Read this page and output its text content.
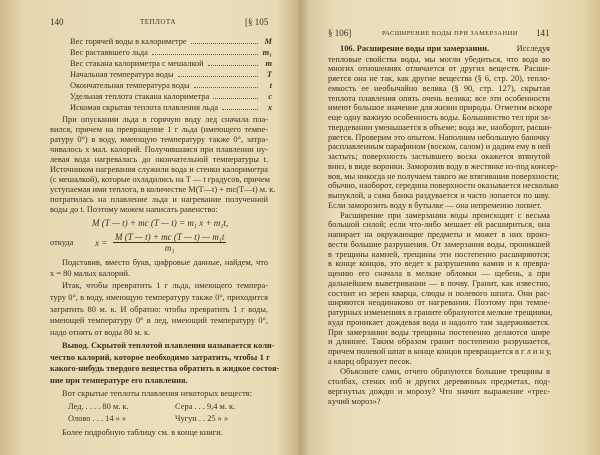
140	ТЕПЛОТА	[§ 105
M (T — t) + mc (T — t) = m₁ x + m₁t,
откуда $x = \frac{\text{M (T — t) + mc (T — t) — m₁t}}{\text{m₁}}$
Лед. . . . . 80 м. к.	Сера . . . 9,4 м. к.
Олово . . . 14 » »	Чугун . . 25 » »
Вес горячей воды в калориметре	M
Вес растаявшего льда	m₁
Вес стакана калориметра с мешалкой	m
Начальная температура воды	T
Окончательная температура воды	t
Удельная теплота стакана калориметра	c
Искомая скрытая теплота плавления льда	x
При опускании льда в горячую воду лед сначала пла-
вился, причем на превращение 1 г льда (имеющего темпе-
ратуру 0°) в воду, имеющую температуру также 0°, затра-
чивалось x мал. калорий. Получившаяся при плавлении ну-
левая вода нагревалась до окончательной температуры t.
Источником нагревания служили вода и стенки калориметра
(с мешалкой), которые охладились на T — t градусов, причем
уступаемая ими теплота, в количестве M(T—t) + mc(T—t) м. к.
потратилась на плавление льда и нагревание полученной
воды до t. Поэтому можем написать равенство:
Подставив, вместо букв, цифровые данные, найдем, что
x = 80 малых калорий.
Итак, чтобы превратить 1 г льда, имеющего темпера-
туру 0°, в воду, имеющую температуру также 0°, приходится
затратить 80 м. к. И обратно: чтобы превратить 1 г воды,
имеющей температуру 0° в лед, имеющий температуру 0°,
надо отнять от воды 80 м. к.
Вывод. Скрытой теплотой плавления называется коли-
чество калорий, которое необходимо затратить, чтобы 1 г
какого-нибудь твердого вещества обратить в жидкое состоя-
ние при температуре его плавления.
Вот скрытые теплоты плавления некоторых веществ:
Более подробную таблицу см. в конце книги.
§ 106]	РАСШИРЕНИЕ ВОДЫ ПРИ ЗАМЕРЗАНИИ 141
106. Расширение воды при замерзании.	Исследуя
тепловые свойства воды, мы могли убедиться, что вода во
многих отношениях отличается от других веществ. Расши-
ряется она не так, как другие вещества (§ 6, стр. 20), тепло-
емкость ее необычайно велика (§ 90, стр. 127), скрытая
теплота плавления опять очень велика; все эти особенности
имеют большое значение для жизни природы. Отметим вскоре
еще одну важную особенность воды. Большинство тел при за-
твердевании уменьшается в объеме; вода же, наоборот, расши-
ряется. Проверим это опытом. Наполним небольшую баночку
расплавленным парафином (воском, салом) и дадим ему в ней
застыть; поверхность застывшего воска окажется втянутой
вниз, в виде воронки. Заморозив воду в жестянке из-под консер-
вов, мы никогда не получаем такого же втягивания поверхности;
обычно, наоборот, середина поверхности оказывается несколько
выпуклой, а сама банка раздувается и часто лопается по шву.
Если заморозить воду в бутылке — она непременно лопнет.
Расширение при замерзании воды происходит с весьма
большой силой; если что-либо мешает ей расшириться, она
напирает на окружающие предметы и может в них произ-
вести большие разрушения. От замерзания воды, проникшей
в трещины камней, трещины эти постепенно расширяются;
в конце концов, это ведет к разрушению камня и к превра-
щению его сначала в мелкие обломки — щебень, а при
дальнейшем выветривании — в почву. Гранит, как известно,
состоит из зерен кварца, слюды и полевого шпата. Они рас-
ширяются неодинаково от нагревания. Поэтому при темпе-
ратурных изменениях в граните образуются мелкие трещинки,
куда проникает дождевая вода и надолго там задерживается.
При замерзании воды трещины постепенно делаются шире
и длиннее. Таким образом гранит постепенно разрушается,
причем полевой шпат в конце концов превращается в г л и н у,
а кварц образует песок.
Объясните сами, отчего образуются большие трещины в
столбах, стенах изб и других деревянных предметах, под-
вергнутых дождю и морозу? Что значит выражение «трес-
кучий мороз»?
